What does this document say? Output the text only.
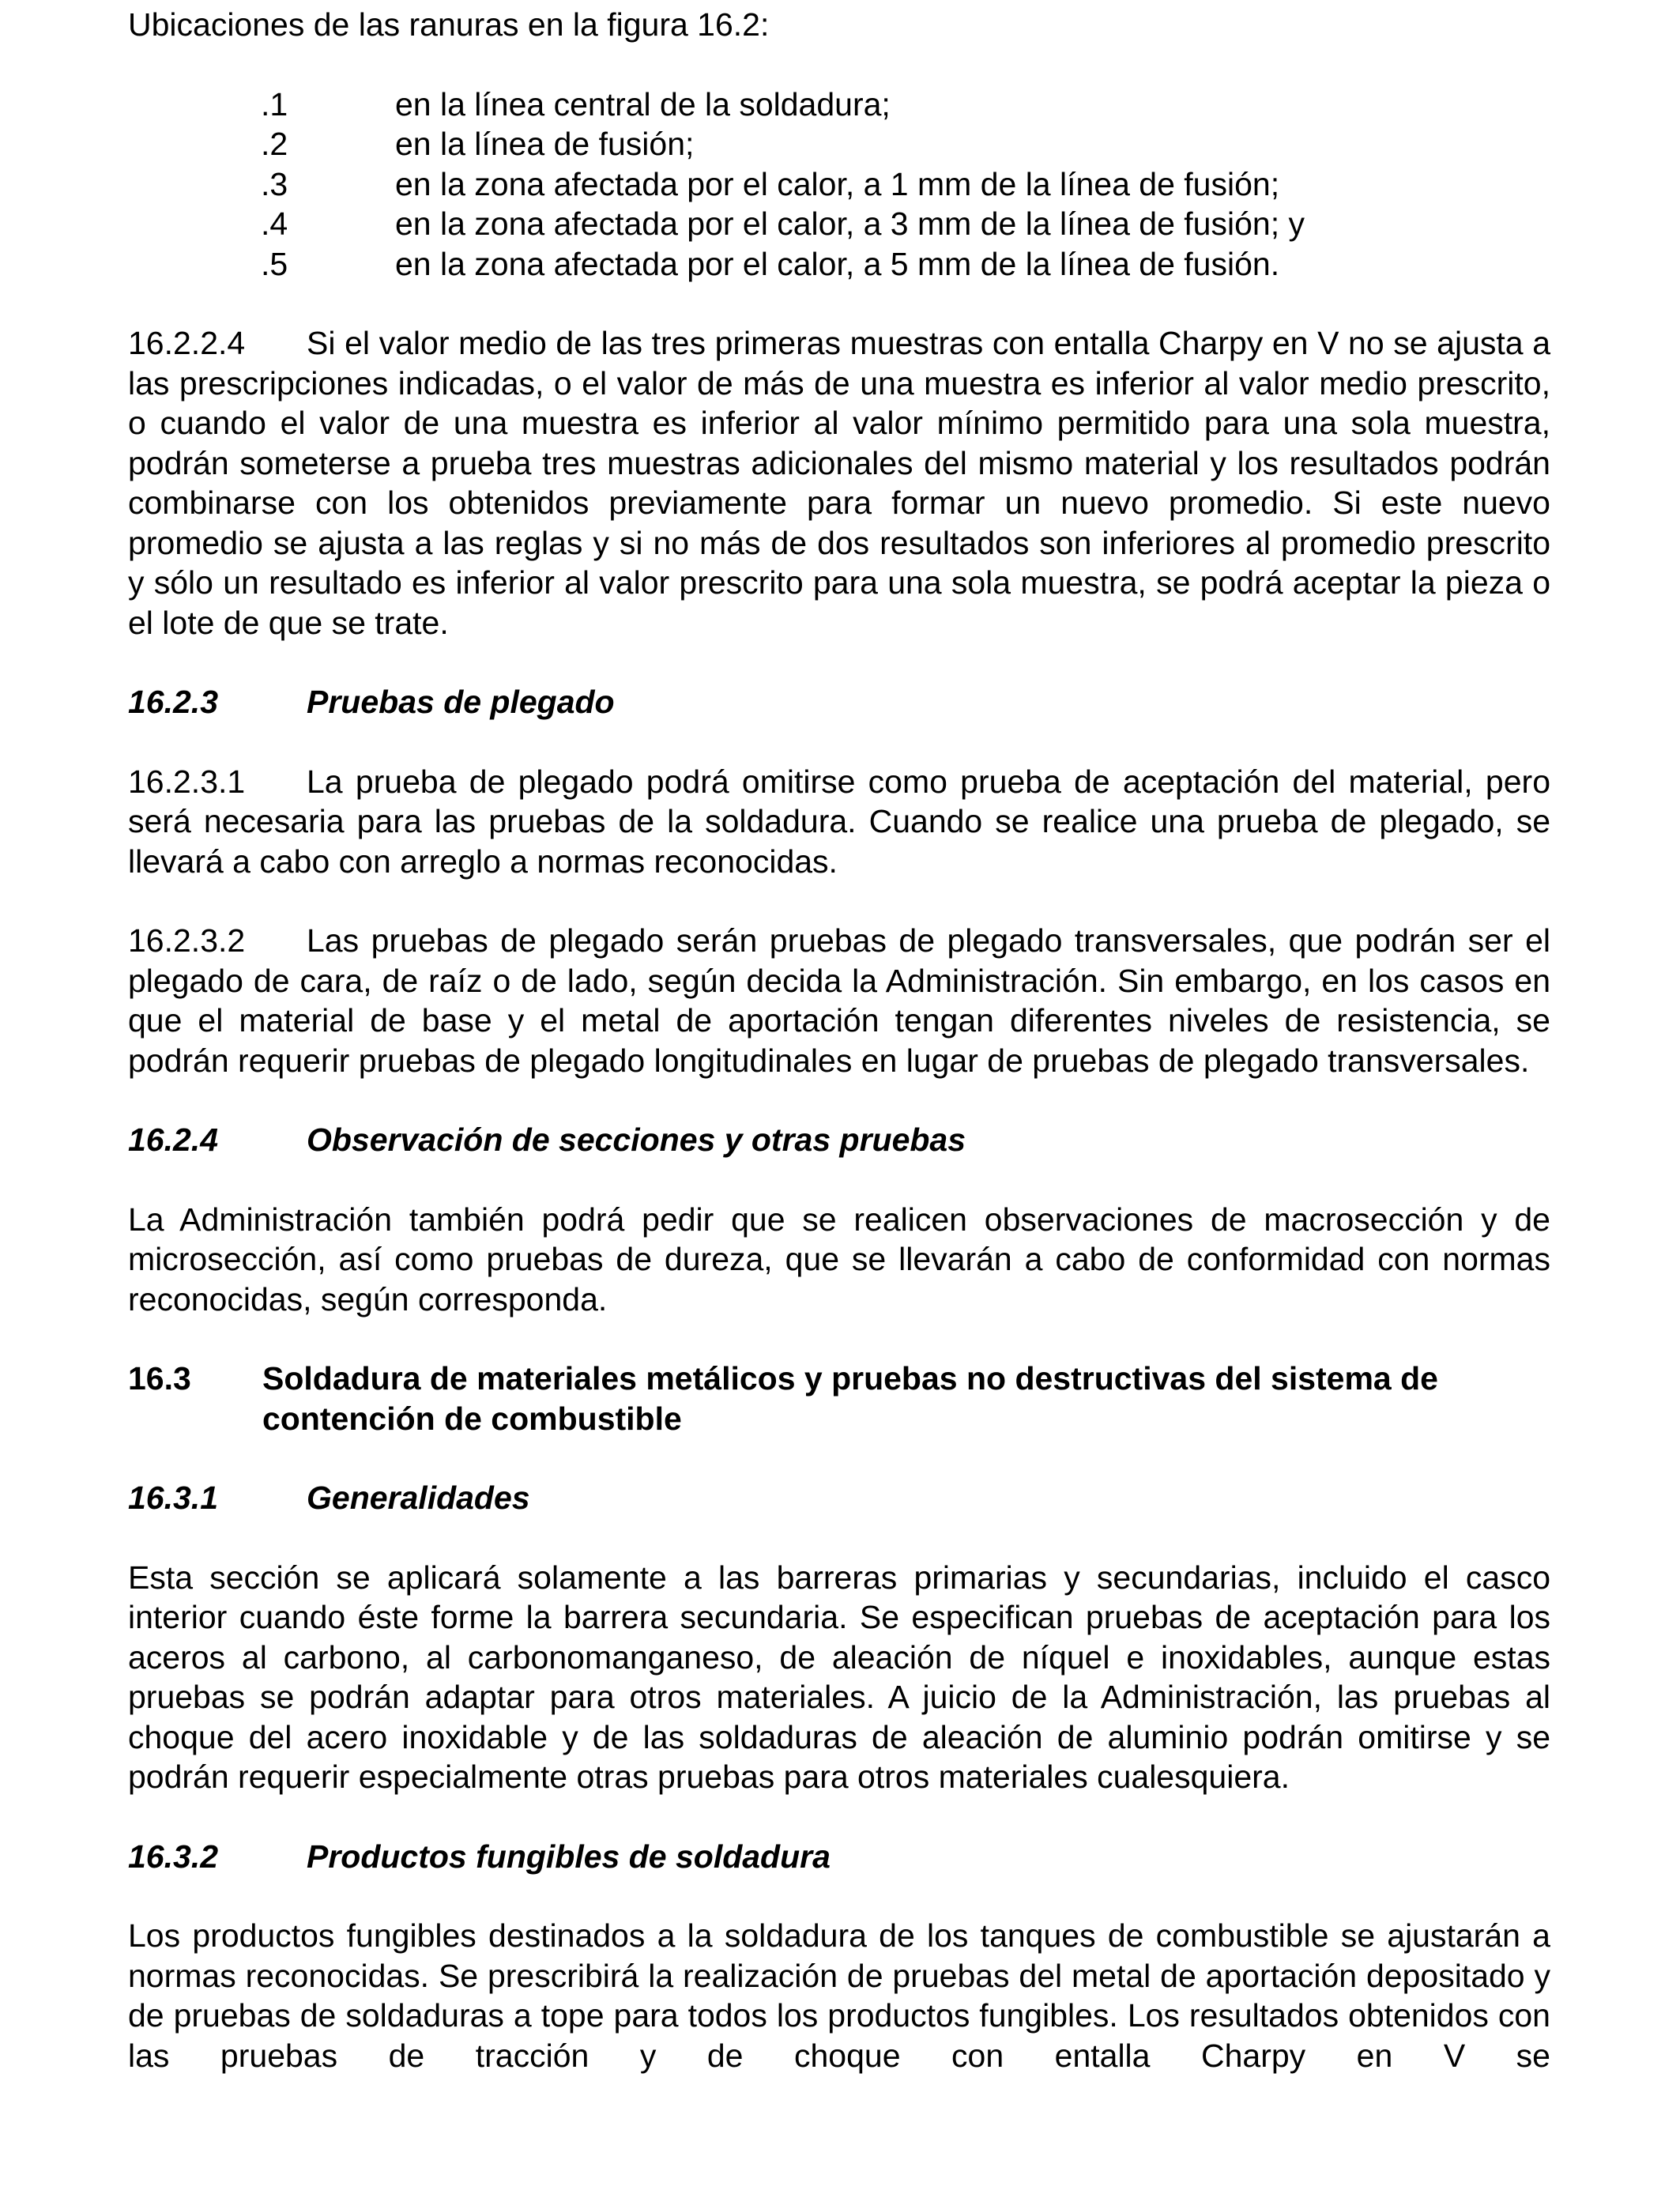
Ubicaciones de las ranuras en la figura 16.2:

.1	en la línea central de la soldadura;
.2	en la línea de fusión;
.3	en la zona afectada por el calor, a 1 mm de la línea de fusión;
.4	en la zona afectada por el calor, a 3 mm de la línea de fusión; y
.5	en la zona afectada por el calor, a 5 mm de la línea de fusión.

16.2.2.4 Si el valor medio de las tres primeras muestras con entalla Charpy en V no se ajusta a las prescripciones indicadas, o el valor de más de una muestra es inferior al valor medio prescrito, o cuando el valor de una muestra es inferior al valor mínimo permitido para una sola muestra, podrán someterse a prueba tres muestras adicionales del mismo material y los resultados podrán combinarse con los obtenidos previamente para formar un nuevo promedio. Si este nuevo promedio se ajusta a las reglas y si no más de dos resultados son inferiores al promedio prescrito y sólo un resultado es inferior al valor prescrito para una sola muestra, se podrá aceptar la pieza o el lote de que se trate.

16.2.3	Pruebas de plegado

16.2.3.1 La prueba de plegado podrá omitirse como prueba de aceptación del material, pero será necesaria para las pruebas de la soldadura. Cuando se realice una prueba de plegado, se llevará a cabo con arreglo a normas reconocidas.

16.2.3.2 Las pruebas de plegado serán pruebas de plegado transversales, que podrán ser el plegado de cara, de raíz o de lado, según decida la Administración. Sin embargo, en los casos en que el material de base y el metal de aportación tengan diferentes niveles de resistencia, se podrán requerir pruebas de plegado longitudinales en lugar de pruebas de plegado transversales.

16.2.4	Observación de secciones y otras pruebas

La Administración también podrá pedir que se realicen observaciones de macrosección y de microsección, así como pruebas de dureza, que se llevarán a cabo de conformidad con normas reconocidas, según corresponda.

16.3 Soldadura de materiales metálicos y pruebas no destructivas del sistema de contención de combustible
16.3.1	Generalidades

Esta sección se aplicará solamente a las barreras primarias y secundarias, incluido el casco interior cuando éste forme la barrera secundaria. Se especifican pruebas de aceptación para los aceros al carbono, al carbonomanganeso, de aleación de níquel e inoxidables, aunque estas pruebas se podrán adaptar para otros materiales. A juicio de la Administración, las pruebas al choque del acero inoxidable y de las soldaduras de aleación de aluminio podrán omitirse y se podrán requerir especialmente otras pruebas para otros materiales cualesquiera.

16.3.2	Productos fungibles de soldadura

Los productos fungibles destinados a la soldadura de los tanques de combustible se ajustarán a normas reconocidas. Se prescribirá la realización de pruebas del metal de aportación depositado y de pruebas de soldaduras a tope para todos los productos fungibles. Los resultados obtenidos con las pruebas de tracción y de choque con entalla Charpy en V se
